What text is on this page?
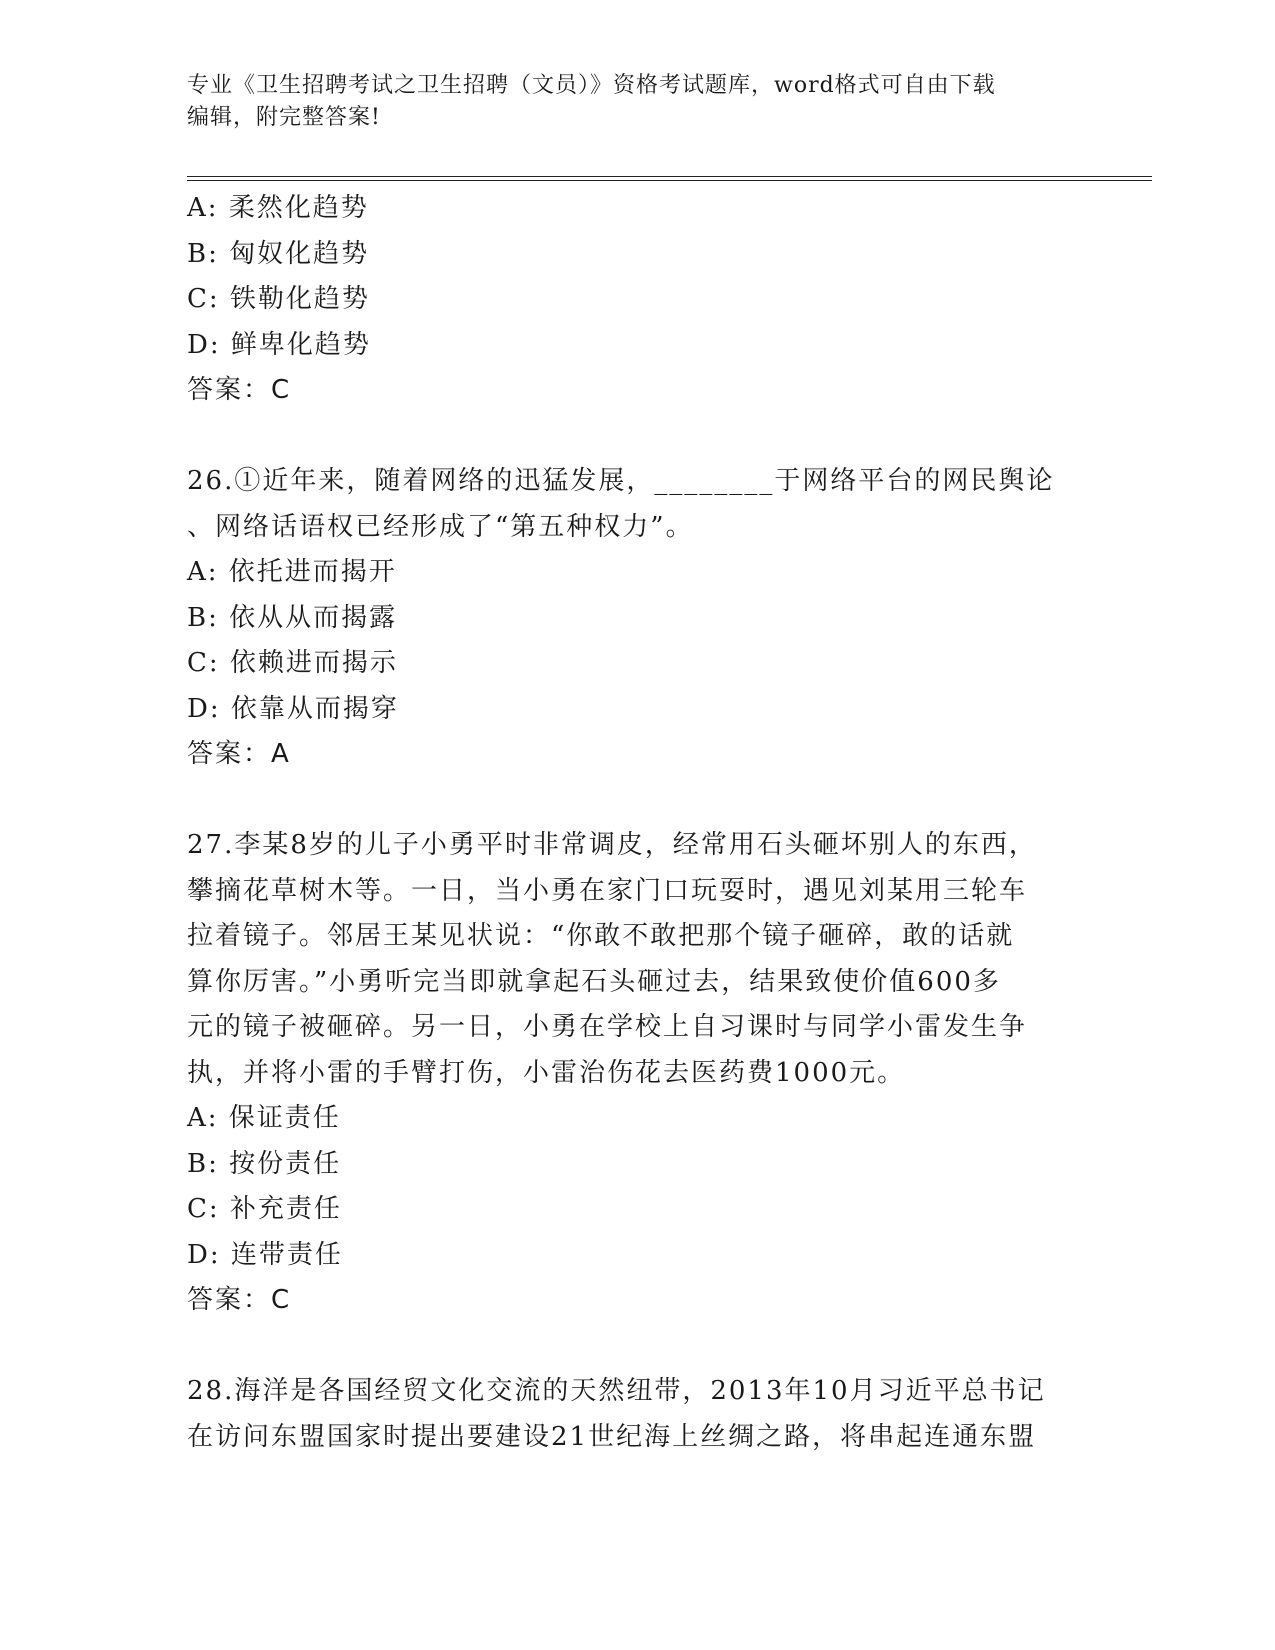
专业《卫生招聘考试之卫生招聘（文员）》资格考试题库，word格式可自由下载
编辑，附完整答案!
A: 柔然化趋势
B: 匈奴化趋势
C: 铁勒化趋势
D: 鲜卑化趋势
答案：C
26.①近年来，随着网络的迅猛发展，________于网络平台的网民舆论
、网络话语权已经形成了“第五种权力”。
A: 依托进而揭开
B: 依从从而揭露
C: 依赖进而揭示
D: 依靠从而揭穿
答案：A
27.李某8岁的儿子小勇平时非常调皮，经常用石头砸坏别人的东西，
攀摘花草树木等。一日，当小勇在家门口玩耍时，遇见刘某用三轮车
拉着镜子。邻居王某见状说：“你敢不敢把那个镜子砸碎，敢的话就
算你厉害。”小勇听完当即就拿起石头砸过去，结果致使价值600多
元的镜子被砸碎。另一日，小勇在学校上自习课时与同学小雷发生争
执，并将小雷的手臂打伤，小雷治伤花去医药费1000元。
A: 保证责任
B: 按份责任
C: 补充责任
D: 连带责任
答案：C
28.海洋是各国经贸文化交流的天然纽带，2013年10月习近平总书记
在访问东盟国家时提出要建设21世纪海上丝绸之路，将串起连通东盟
